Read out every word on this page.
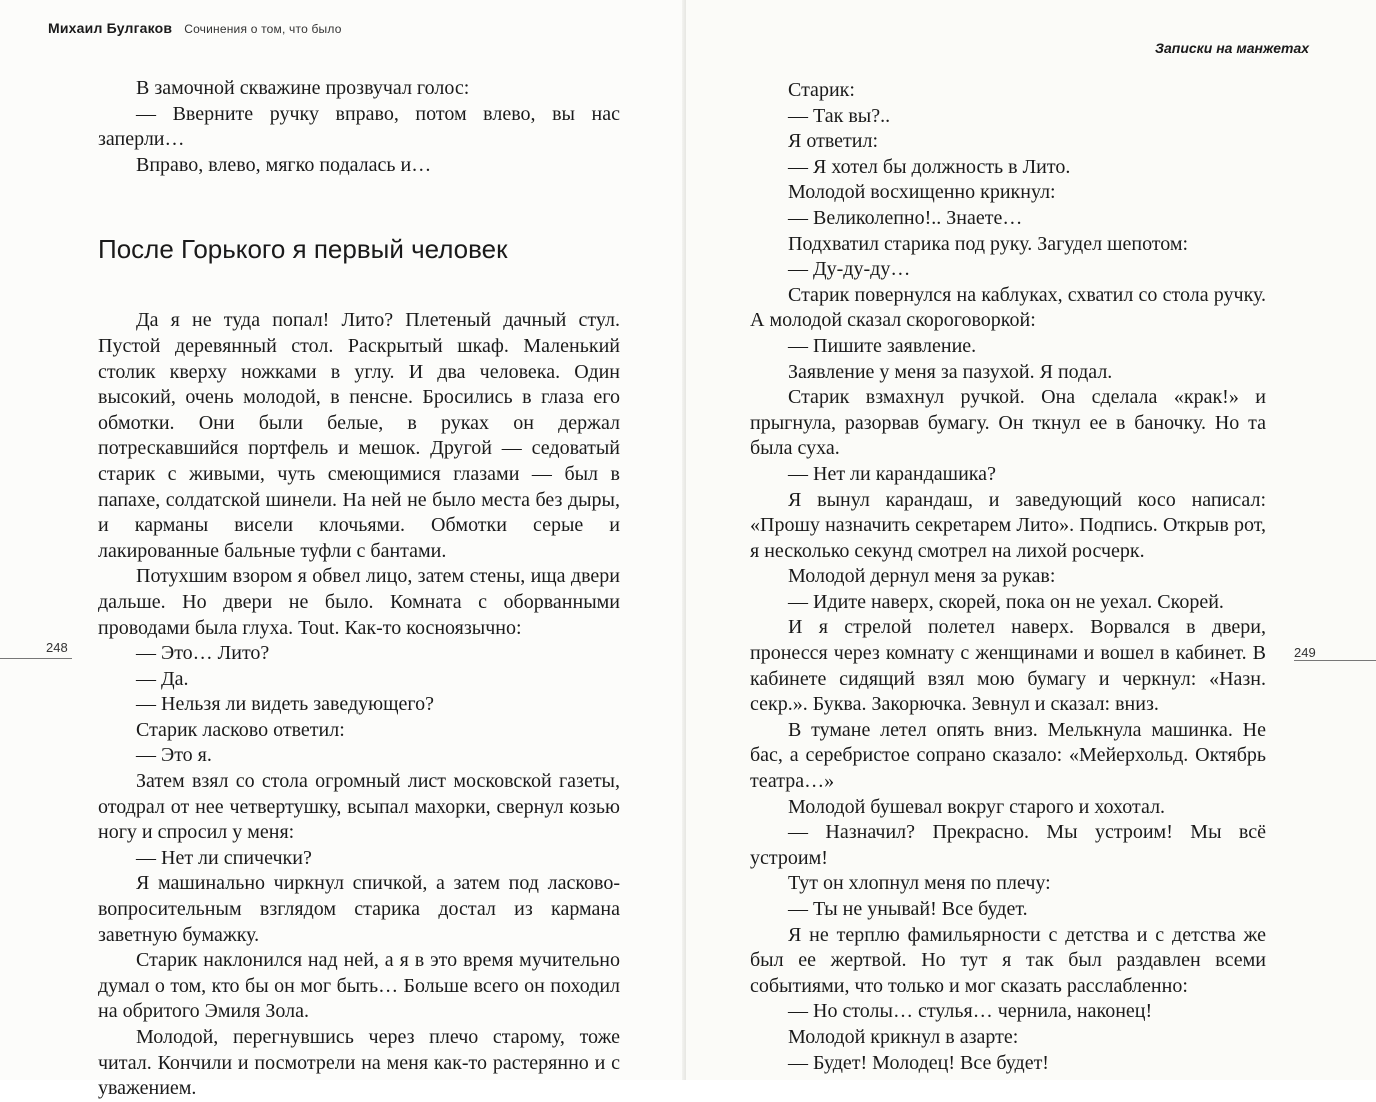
Михаил Булгаков Сочинения о том, что было

В замочной скважине прозвучал голос:

— Вверните ручку вправо, потом влево, вы нас заперли…

Вправо, влево, мягко подалась и…

После Горького я первый человек

Да я не туда попал! Лито? Плетеный дачный стул. Пустой деревянный стол. Раскрытый шкаф. Маленький столик кверху ножками в углу. И два человека. Один высокий, очень молодой, в пенсне. Бросились в глаза его обмотки. Они были белые, в руках он держал потрескавшийся портфель и мешок. Другой — седоватый старик с живыми, чуть смеющимися глазами — был в папахе, солдатской шинели. На ней не было места без дыры, и карманы висели клочьями. Обмотки серые и лакированные бальные туфли с бантами.

Потухшим взором я обвел лицо, затем стены, ища двери дальше. Но двери не было. Комната с оборванными проводами была глуха. Tout. Как-то косноязычно:

— Это… Лито?

— Да.

— Нельзя ли видеть заведующего?

Старик ласково ответил:

— Это я.

Затем взял со стола огромный лист московской газеты, отодрал от нее четвертушку, всыпал махорки, свернул козью ногу и спросил у меня:

— Нет ли спичечки?

Я машинально чиркнул спичкой, а затем под ласково-вопросительным взглядом старика достал из кармана заветную бумажку.

Старик наклонился над ней, а я в это время мучительно думал о том, кто бы он мог быть… Больше всего он походил на обритого Эмиля Зола.

Молодой, перегнувшись через плечо старому, тоже читал. Кончили и посмотрели на меня как-то растерянно и с уважением.

Записки на манжетах

Старик:

— Так вы?..

Я ответил:

— Я хотел бы должность в Лито.

Молодой восхищенно крикнул:

— Великолепно!.. Знаете…

Подхватил старика под руку. Загудел шепотом:

— Ду-ду-ду…

Старик повернулся на каблуках, схватил со стола ручку. А молодой сказал скороговоркой:

— Пишите заявление.

Заявление у меня за пазухой. Я подал.

Старик взмахнул ручкой. Она сделала «крак!» и прыгнула, разорвав бумагу. Он ткнул ее в баночку. Но та была суха.

— Нет ли карандашика?

Я вынул карандаш, и заведующий косо написал: «Прошу назначить секретарем Лито». Подпись. Открыв рот, я несколько секунд смотрел на лихой росчерк.

Молодой дернул меня за рукав:

— Идите наверх, скорей, пока он не уехал. Скорей.

И я стрелой полетел наверх. Ворвался в двери, пронесся через комнату с женщинами и вошел в кабинет. В кабинете сидящий взял мою бумагу и черкнул: «Назн. секр.». Буква. Закорючка. Зевнул и сказал: вниз.

В тумане летел опять вниз. Мелькнула машинка. Не бас, а серебристое сопрано сказало: «Мейерхольд. Октябрь театра…»

Молодой бушевал вокруг старого и хохотал.

— Назначил? Прекрасно. Мы устроим! Мы всё устроим!

Тут он хлопнул меня по плечу:

— Ты не унывай! Все будет.

Я не терплю фамильярности с детства и с детства же был ее жертвой. Но тут я так был раздавлен всеми событиями, что только и мог сказать расслабленно:

— Но столы… стулья… чернила, наконец!

Молодой крикнул в азарте:

— Будет! Молодец! Все будет!

248	249
